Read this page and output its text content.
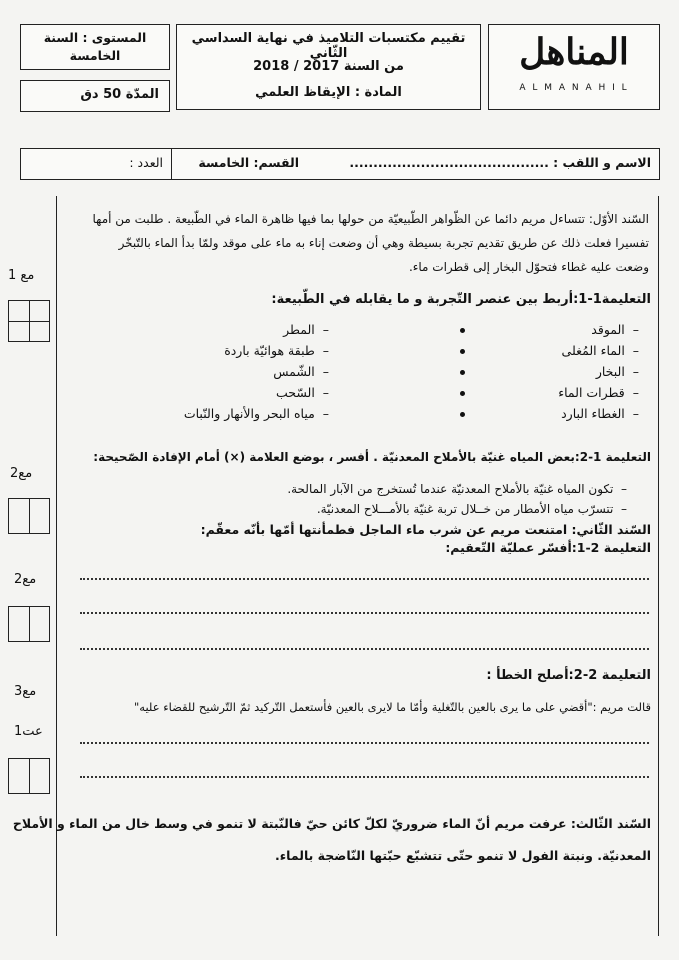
المناهل
A L M A N A H I L
تقييم مكتسبات التلاميذ في نهاية السداسي الثّاني
من السنة 2017 / 2018
المادة : الإيقاظ العلمي
المستوى : السنة الخامسة
المدّة 50 دق
الاسم و اللقب : ..........................................
القسم: الخامسة
العدد :
مع 1
مع2
مع2
مع3
عت1
السّند الأوّل: تتساءل مريم دائما عن الظّواهر الطّبيعيّة من حولها بما فيها ظاهرة الماء في الطّبيعة . طلبت من أمها
تفسيرا فعلت ذلك عن طريق تقديم تجربة بسيطة وهي أن وضعت إناء به ماء على موقد ولمّا بدأ الماء بالتّبخّر
وضعت عليه غطاء فتحوّل البخار إلى قطرات ماء.
التعليمة1-1:أربط بين عنصر التّجربة و ما يقابله في الطّبيعة:
–  الموقد
–  الماء المُغلى
–  البخار
–  قطرات الماء
–  الغطاء البارد
–  المطر
–  طبقة هوائيّة باردة
–  الشّمس
–  السّحب
–  مياه البحر والأنهار والنّبات
التعليمة 1-2:بعض المياه غنيّة بالأملاح المعدنيّة . أفسر ، بوضع العلامة (×) أمام الإفادة الصّحيحة:
–  تكون المياه غنيّة بالأملاح المعدنيّة عندما تُستخرج من الآبار المالحة.
–  تتسرّب مياه الأمطار من خــلال تربة غنيّة بالأمـــلاح المعدنيّة.
السّند الثّاني: امتنعت مريم عن شرب ماء الماجل فطمأنتها أمّها بأنّه معقّم:
التعليمة 2-1:أفسّر عمليّة التّعقيم:
التعليمة 2-2:أصلح الخطأ :
قالت مريم :"أقضي على ما يرى بالعين بالتّغلية وأمّا ما لايرى بالعين فأستعمل التّركيد ثمّ التّرشيح للقضاء عليه"
السّند الثّالث: عرفت مريم أنّ الماء ضروريّ لكلّ كائن حيّ فالنّبتة لا تنمو في وسط خال من الماء و الأملاح
المعدنيّة. ونبتة الفول لا تنمو حتّى تتشبّع حبّتها النّاضجة بالماء.
